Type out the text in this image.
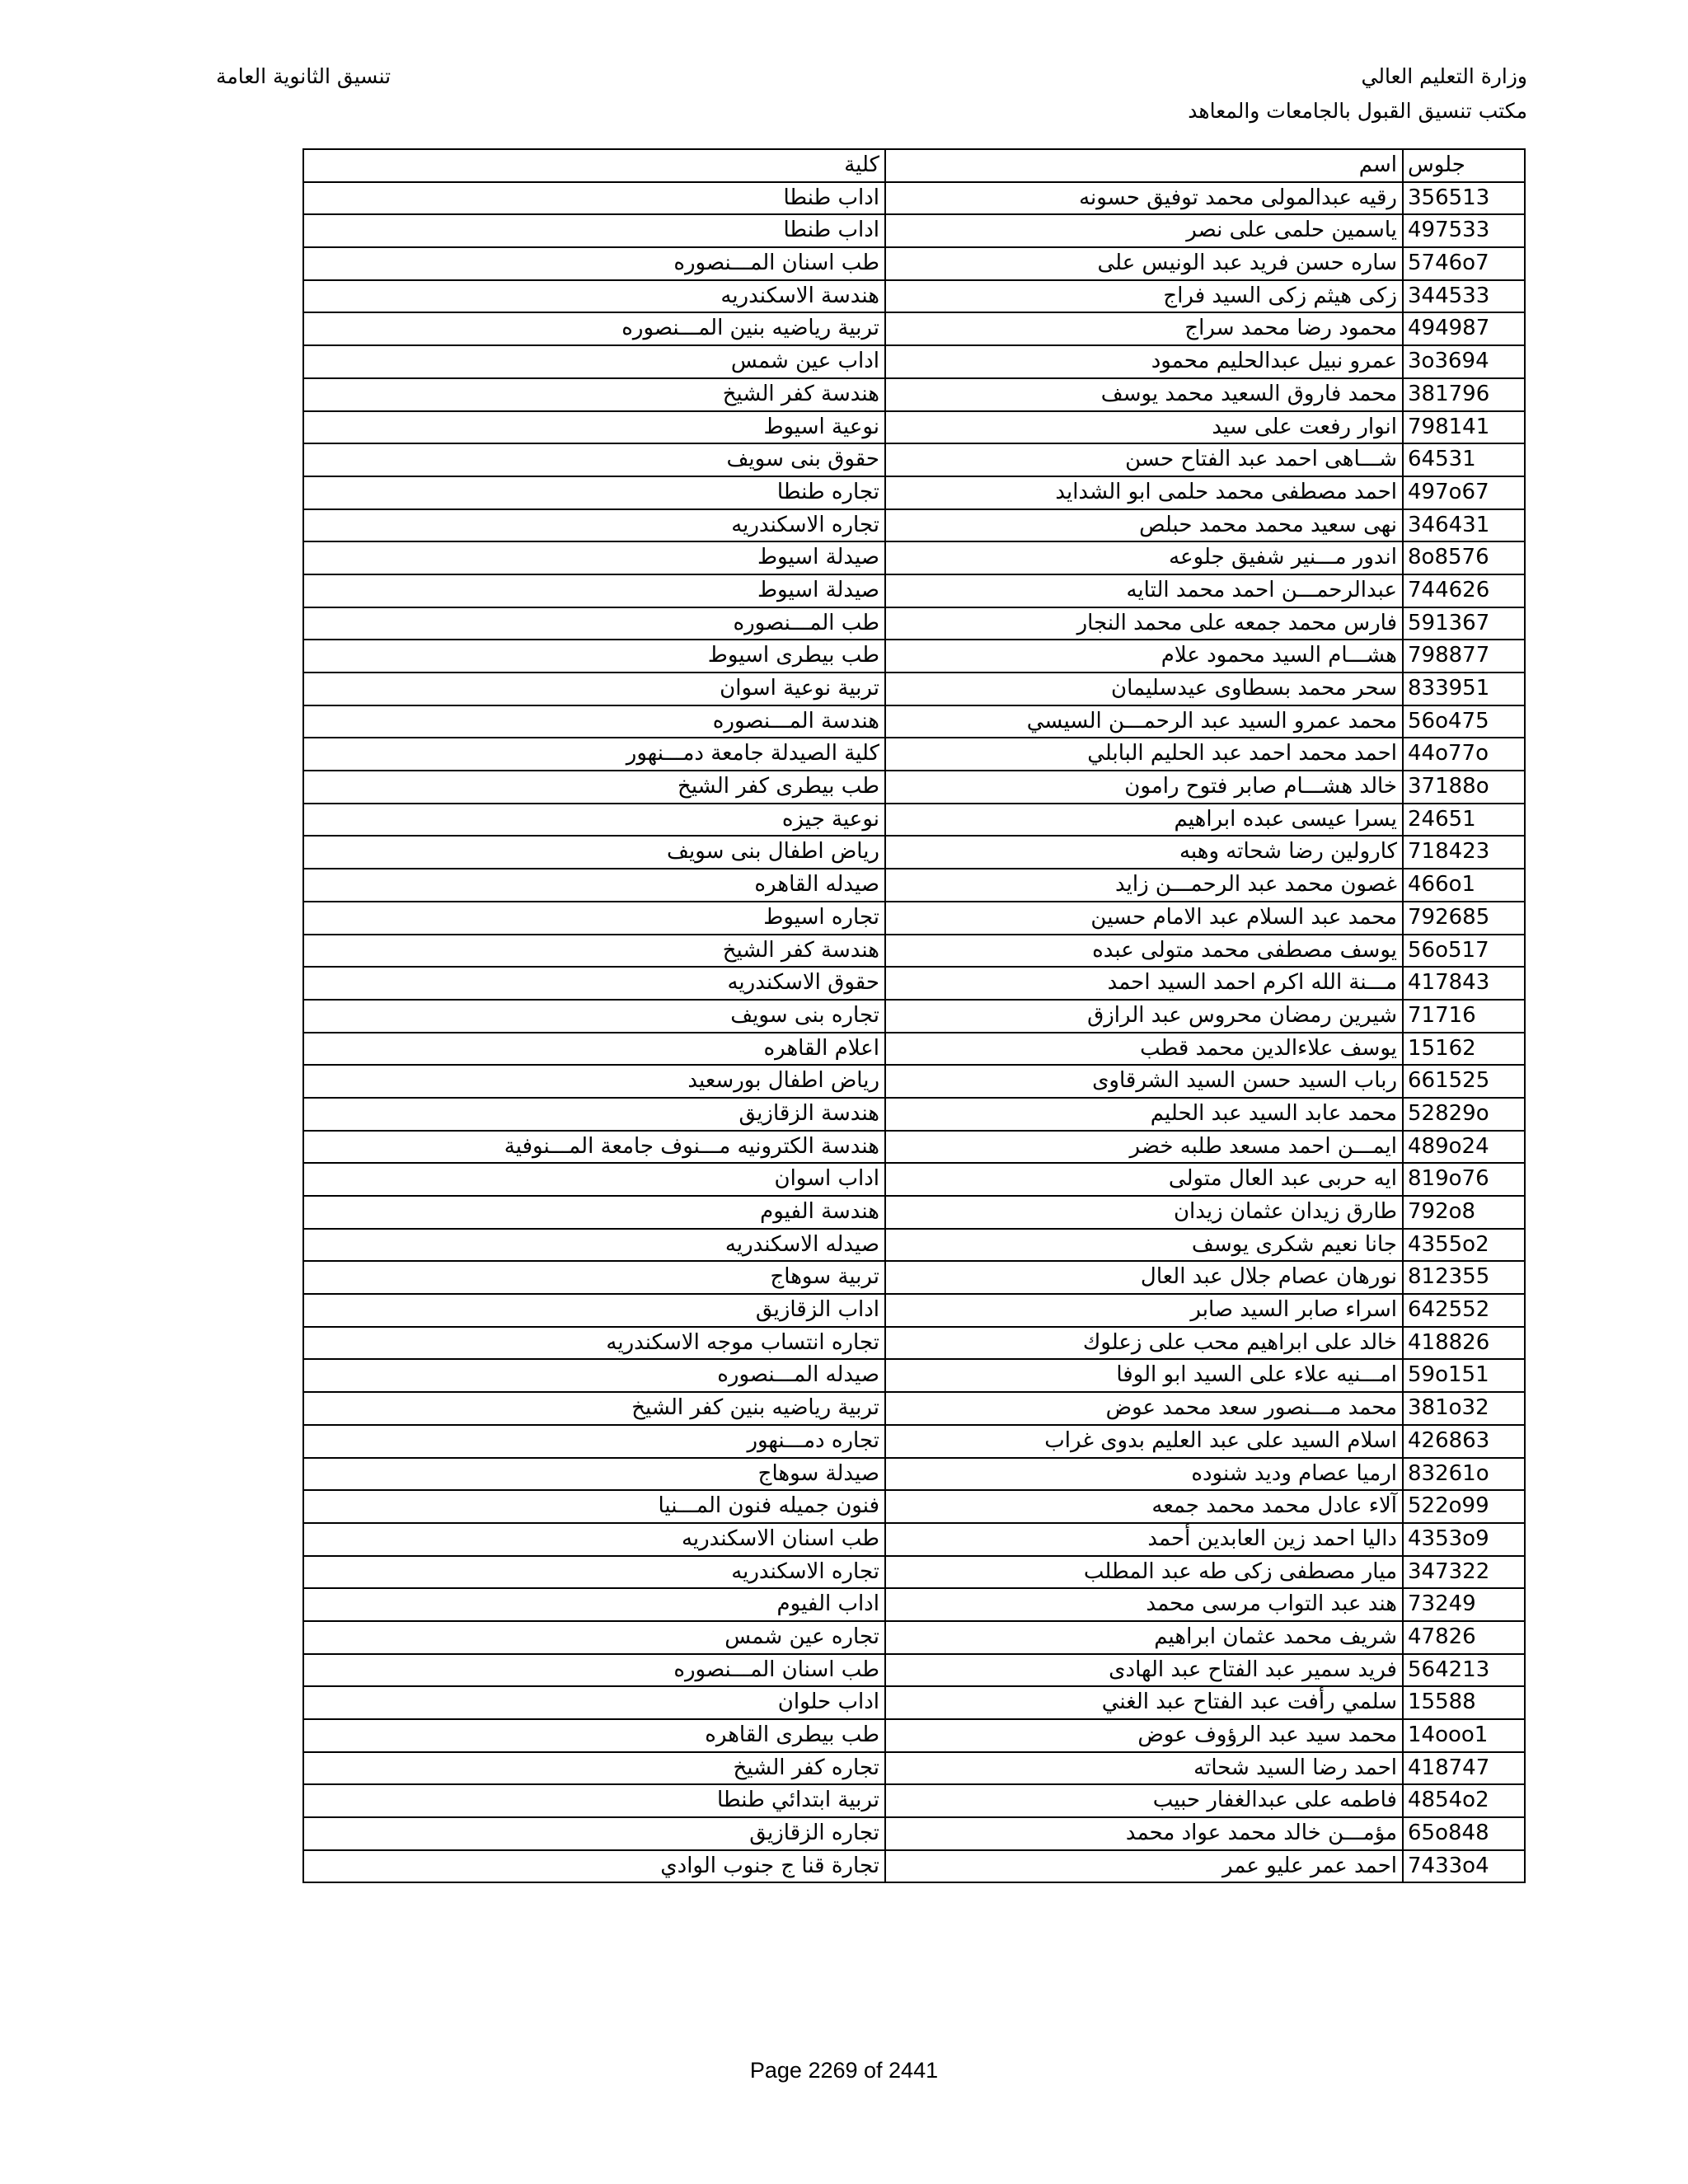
وزارة التعليم العالي
مكتب تنسيق القبول بالجامعات والمعاهد
تنسيق الثانوية العامة
كلية	اسم جلوس
اداب طنطا	رقيه عبدالمولى محمد توفيق حسونه 356513
اداب طنطا	ياسمين حلمى على نصر 497533
طب اسنان المـــنصوره	ساره حسن فريد عبد الونيس على 5746o7
هندسة الاسكندريه	زكى هيثم زكى السيد فراج 344533
تربية رياضيه بنين المـــنصوره	محمود رضا محمد سراج 494987
اداب عين شمس	عمرو نبيل عبدالحليم محمود 3o3694
هندسة كفر الشيخ	محمد فاروق السعيد محمد يوسف 381796
نوعية اسيوط	انوار رفعت على سيد 798141
حقوق بنى سويف	شـــاهى احمد عبد الفتاح حسن 64531
تجاره طنطا	احمد مصطفى محمد حلمى ابو الشدايد 497o67
تجاره الاسكندريه	نهى سعيد محمد محمد حبلص 346431
صيدلة اسيوط	اندور مـــنير شفيق جلوعه 8o8576
صيدلة اسيوط	عبدالرحمـــن احمد محمد التايه 744626
طب المـــنصوره	فارس محمد جمعه على محمد النجار 591367
طب بيطرى اسيوط	هشـــام السيد محمود علام 798877
تربية نوعية اسوان	سحر محمد بسطاوى عيدسليمان 833951
هندسة المـــنصوره	محمد عمرو السيد عبد الرحمـــن السيسي 56o475
كلية الصيدلة جامعة دمـــنهور	احمد محمد احمد عبد الحليم البابلي 44o77o
طب بيطرى كفر الشيخ	خالد هشـــام صابر فتوح رامون 37188o
نوعية جيزه	يسرا عيسى عبده ابراهيم 24651
رياض اطفال بنى سويف	كارولين رضا شحاته وهبه 718423
صيدله القاهره	غصون محمد عبد الرحمـــن زايد 466o1
تجاره اسيوط	محمد عبد السلام عبد الامام حسين 792685
هندسة كفر الشيخ	يوسف مصطفى محمد متولى عبده 56o517
حقوق الاسكندريه	مـــنة الله اكرم احمد السيد احمد 417843
تجاره بنى سويف	شيرين رمضان محروس عبد الرازق 71716
اعلام القاهره	يوسف علاءالدين محمد قطب 15162
رياض اطفال بورسعيد	رباب السيد حسن السيد الشرقاوى 661525
هندسة الزقازيق	محمد عابد السيد عبد الحليم 52829o
هندسة الكترونيه مـــنوف جامعة المـــنوفية	ايمـــن احمد مسعد طلبه خضر 489o24
اداب اسوان	ايه حربى عبد العال متولى 819o76
هندسة الفيوم	طارق زيدان عثمان زيدان 792o8
صيدله الاسكندريه	جانا نعيم شكرى يوسف 4355o2
تربية سوهاج	نورهان عصام جلال عبد العال 812355
اداب الزقازيق	اسراء صابر السيد صابر 642552
تجاره انتساب موجه الاسكندريه	خالد على ابراهيم محب على زعلوك 418826
صيدله المـــنصوره	امـــنيه علاء على السيد ابو الوفا 59o151
تربية رياضيه بنين كفر الشيخ	محمد مـــنصور سعد محمد عوض 381o32
تجاره دمـــنهور	اسلام السيد على عبد العليم بدوى غراب 426863
صيدلة سوهاج	ارميا عصام وديد شنوده 83261o
فنون جميله فنون المـــنيا	آلاء عادل محمد محمد جمعه 522o99
طب اسنان الاسكندريه	داليا احمد زين العابدين أحمد 4353o9
تجاره الاسكندريه	ميار مصطفى زكى طه عبد المطلب 347322
اداب الفيوم	هند عبد التواب مرسى محمد 73249
تجاره عين شمس	شريف محمد عثمان ابراهيم 47826
طب اسنان المـــنصوره	فريد سمير عبد الفتاح عبد الهادى 564213
اداب حلوان	سلمي رأفت عبد الفتاح عبد الغني 15588
طب بيطرى القاهره	محمد سيد عبد الرؤوف عوض 14ooo1
تجاره كفر الشيخ	احمد رضا السيد شحاته 418747
تربية ابتدائي طنطا	فاطمه على عبدالغفار حبيب 4854o2
تجاره الزقازيق	مؤمـــن خالد محمد عواد محمد 65o848
تجارة قنا ج جنوب الوادي	احمد عمر عليو عمر 7433o4
Page 2269 of 2441
